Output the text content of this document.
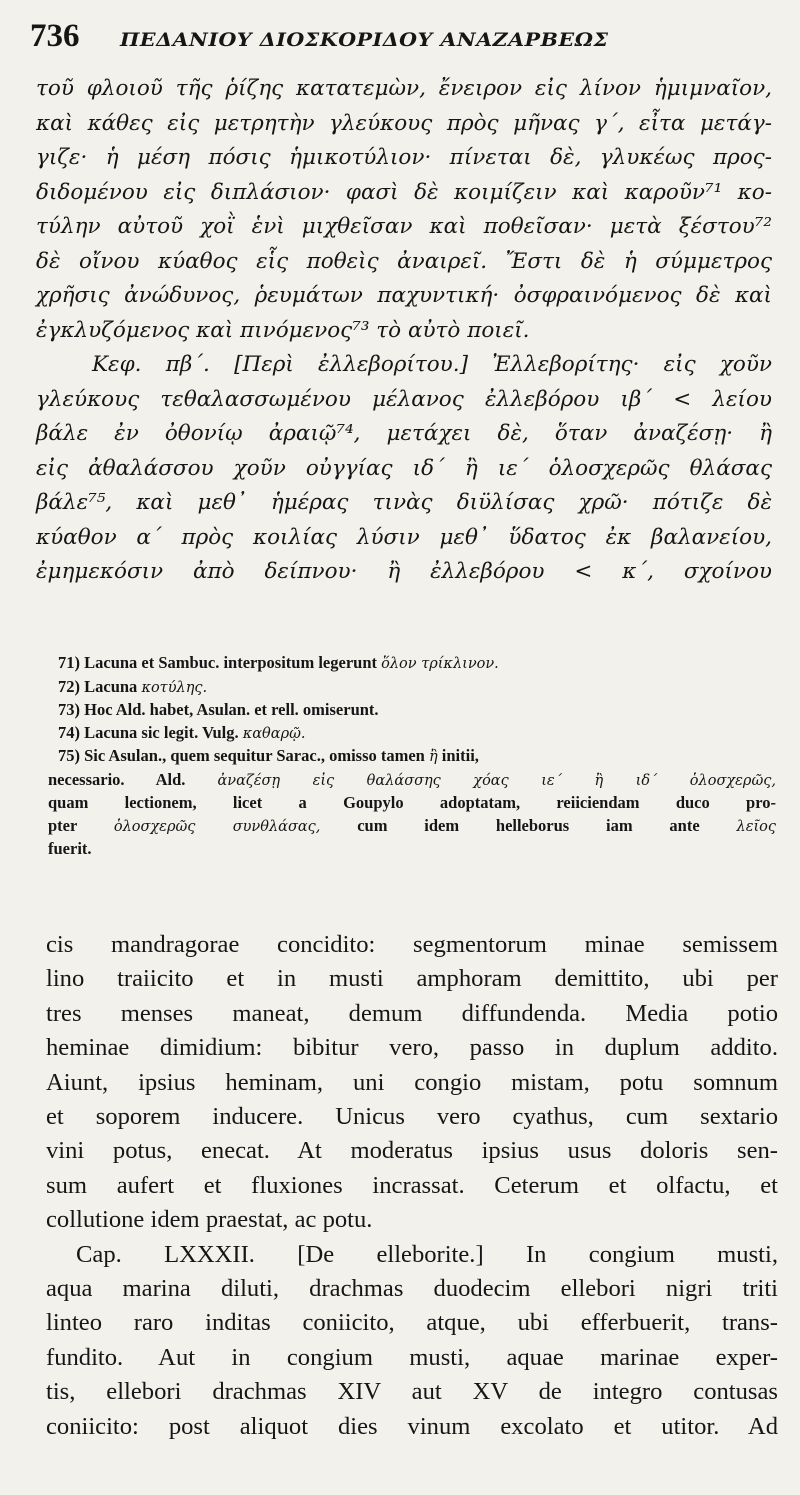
736	ΠΕΔΑΝΙΟΥ ΔΙΟΣΚΟΡΙΔΟΥ ΑΝΑΖΑΡΒΕΩΣ
τοῦ φλοιοῦ τῆς ῥίζης κατατεμὼν, ἔνειρον εἰς λίνον ἡμιμναῖον,
καὶ κάθες εἰς μετρητὴν γλεύκους πρὸς μῆνας γ΄, εἶτα μετάγ-
γιζε· ἡ μέση πόσις ἡμικοτύλιον· πίνεται δὲ, γλυκέως προς-
διδομένου εἰς διπλάσιον· φασὶ δὲ κοιμίζειν καὶ καροῦν⁷¹ κο-
τύλην αὐτοῦ χοῒ ἑνὶ μιχθεῖσαν καὶ ποθεῖσαν· μετὰ ξέστου⁷²
δὲ οἴνου κύαθος εἷς ποθεὶς ἀναιρεῖ. Ἔστι δὲ ἡ σύμμετρος
χρῆσις ἀνώδυνος, ῥευμάτων παχυντική· ὀσφραινόμενος δὲ καὶ
ἐγκλυζόμενος καὶ πινόμενος⁷³ τὸ αὐτὸ ποιεῖ.
Κεφ. πβ΄. [Περὶ ἐλλεβορίτου.] Ἐλλεβορίτης· εἰς χοῦν
γλεύκους τεθαλασσωμένου μέλανος ἐλλεβόρου ιβ΄ < λείου
βάλε ἐν ὀθονίῳ ἀραιῷ⁷⁴, μετάχει δὲ, ὅταν ἀναζέσῃ· ἢ
εἰς ἀθαλάσσου χοῦν οὐγγίας ιδ΄ ἢ ιε΄ ὁλοσχερῶς θλάσας
βάλε⁷⁵, καὶ μεθ᾿ ἡμέρας τινὰς διϋλίσας χρῶ· πότιζε δὲ
κύαθον α΄ πρὸς κοιλίας λύσιν μεθ᾿ ὕδατος ἐκ βαλανείου,
ἐμημεκόσιν ἀπὸ δείπνου· ἢ ἐλλεβόρου < κ΄, σχοίνου
71) Lacuna et Sambuc. interpositum legerunt ὅλον τρίκλινον.
72) Lacuna κοτύλης.
73) Hoc Ald. habet, Asulan. et rell. omiserunt.
74) Lacuna sic legit. Vulg. καθαρῷ.
75) Sic Asulan., quem sequitur Sarac., omisso tamen ἢ initii,
necessario. Ald. ἀναζέσῃ εἰς θαλάσσης χόας ιε΄ ἢ ιδ΄ ὁλοσχερῶς,
quam lectionem, licet a Goupylo adoptatam, reiiciendam duco pro-
pter	ὁλοσχερῶς συνθλάσας, cum idem helleborus iam ante	λεῖος
fuerit.
cis mandragorae concidito: segmentorum minae semissem
lino traiicito et in musti amphoram demittito, ubi per
tres menses maneat, demum diffundenda. Media potio
heminae dimidium: bibitur vero, passo in duplum addito.
Aiunt, ipsius heminam, uni congio mistam, potu somnum
et soporem inducere. Unicus vero cyathus, cum sextario
vini potus, enecat. At moderatus ipsius usus doloris sen-
sum aufert et fluxiones incrassat. Ceterum et olfactu, et
collutione idem praestat, ac potu.
Cap. LXXXII. [De elleborite.] In congium musti,
aqua marina diluti, drachmas duodecim ellebori nigri triti
linteo raro inditas coniicito, atque, ubi efferbuerit, trans-
fundito. Aut in congium musti, aquae marinae exper-
tis, ellebori drachmas XIV aut XV de integro contusas
coniicito: post aliquot dies vinum excolato et utitor. Ad
